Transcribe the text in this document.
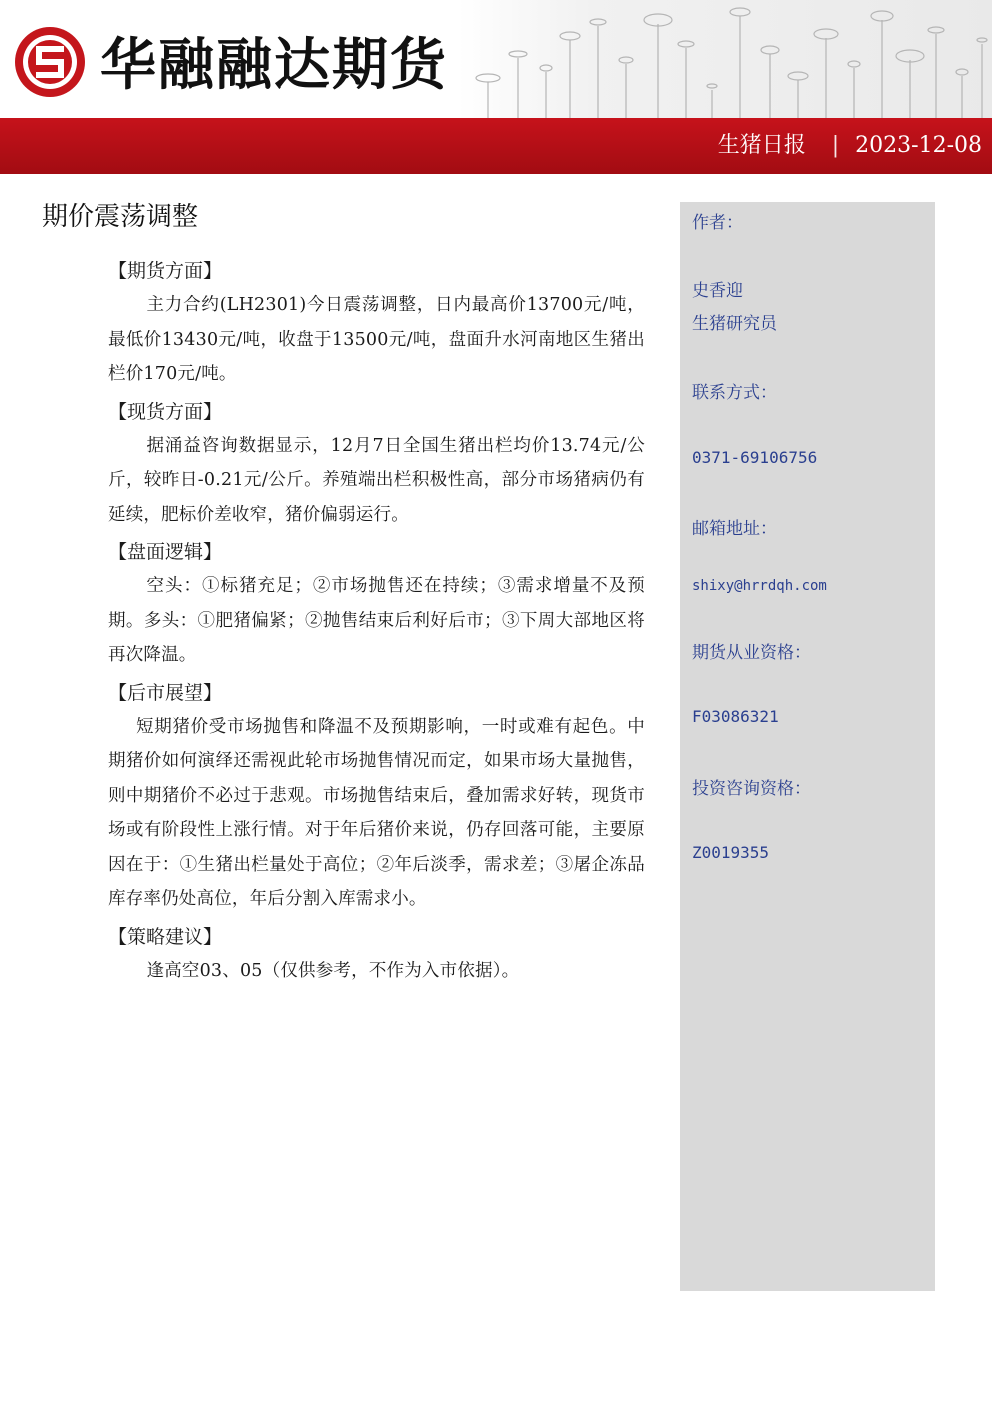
华融融达期货
生猪日报 | 2023-12-08
期价震荡调整
【期货方面】

主力合约(LH2301)今日震荡调整，日内最高价13700元/吨，最低价13430元/吨，收盘于13500元/吨，盘面升水河南地区生猪出栏价170元/吨。

【现货方面】

据涌益咨询数据显示，12月7日全国生猪出栏均价13.74元/公斤，较昨日-0.21元/公斤。养殖端出栏积极性高，部分市场猪病仍有延续，肥标价差收窄，猪价偏弱运行。

【盘面逻辑】

空头：①标猪充足；②市场抛售还在持续；③需求增量不及预期。多头：①肥猪偏紧；②抛售结束后利好后市；③下周大部地区将再次降温。

【后市展望】

短期猪价受市场抛售和降温不及预期影响，一时或难有起色。中期猪价如何演绎还需视此轮市场抛售情况而定，如果市场大量抛售，则中期猪价不必过于悲观。市场抛售结束后，叠加需求好转，现货市场或有阶段性上涨行情。对于年后猪价来说，仍存回落可能，主要原因在于：①生猪出栏量处于高位；②年后淡季，需求差；③屠企冻品库存率仍处高位，年后分割入库需求小。

【策略建议】

逢高空03、05（仅供参考，不作为入市依据）。

作者：
史香迎
生猪研究员
联系方式：
0371-69106756
邮箱地址：
shixy@hrrdqh.com
期货从业资格：
F03086321
投资咨询资格：
Z0019355
